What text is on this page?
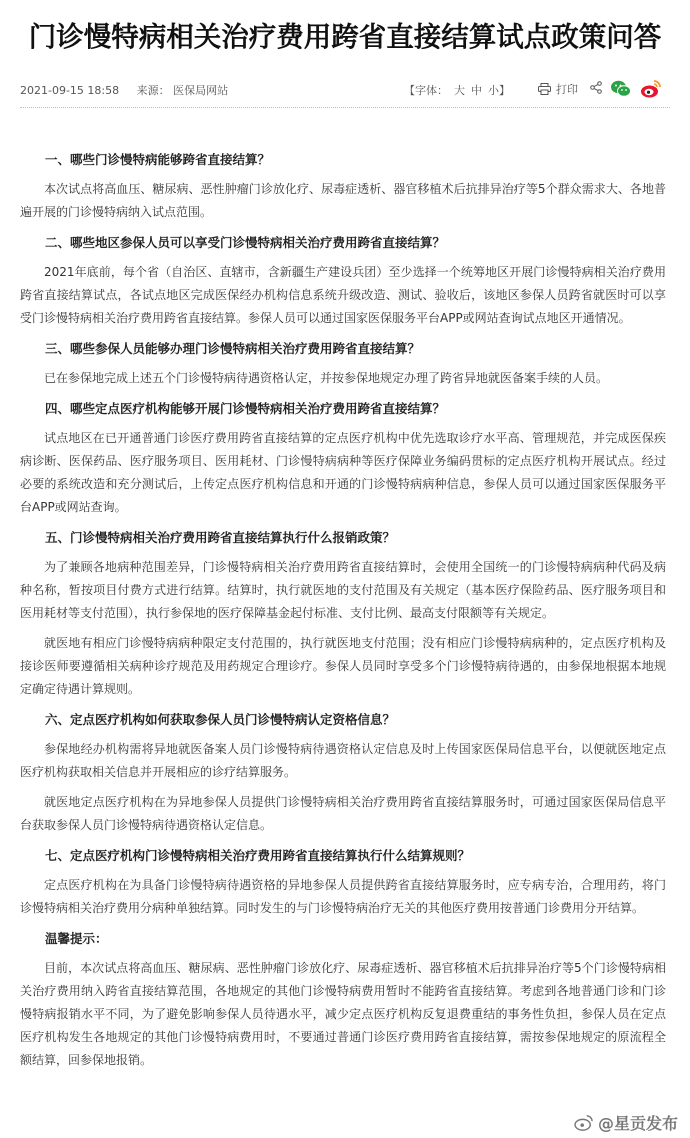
门诊慢特病相关治疗费用跨省直接结算试点政策问答
2021-09-15 18:58 来源： 医保局网站	【字体： 大 中 小】	打印
一、哪些门诊慢特病能够跨省直接结算？

本次试点将高血压、糖尿病、恶性肿瘤门诊放化疗、尿毒症透析、器官移植术后抗排异治疗等5个群众需求大、各地普遍开展的门诊慢特病纳入试点范围。

二、哪些地区参保人员可以享受门诊慢特病相关治疗费用跨省直接结算？

2021年底前，每个省（自治区、直辖市，含新疆生产建设兵团）至少选择一个统筹地区开展门诊慢特病相关治疗费用跨省直接结算试点，各试点地区完成医保经办机构信息系统升级改造、测试、验收后，该地区参保人员跨省就医时可以享受门诊慢特病相关治疗费用跨省直接结算。参保人员可以通过国家医保服务平台APP或网站查询试点地区开通情况。

三、哪些参保人员能够办理门诊慢特病相关治疗费用跨省直接结算？

已在参保地完成上述五个门诊慢特病待遇资格认定，并按参保地规定办理了跨省异地就医备案手续的人员。

四、哪些定点医疗机构能够开展门诊慢特病相关治疗费用跨省直接结算？

试点地区在已开通普通门诊医疗费用跨省直接结算的定点医疗机构中优先选取诊疗水平高、管理规范，并完成医保疾病诊断、医保药品、医疗服务项目、医用耗材、门诊慢特病病种等医疗保障业务编码贯标的定点医疗机构开展试点。经过必要的系统改造和充分测试后，上传定点医疗机构信息和开通的门诊慢特病病种信息，参保人员可以通过国家医保服务平台APP或网站查询。

五、门诊慢特病相关治疗费用跨省直接结算执行什么报销政策？

为了兼顾各地病种范围差异，门诊慢特病相关治疗费用跨省直接结算时，会使用全国统一的门诊慢特病病种代码及病种名称，暂按项目付费方式进行结算。结算时，执行就医地的支付范围及有关规定（基本医疗保险药品、医疗服务项目和医用耗材等支付范围），执行参保地的医疗保障基金起付标准、支付比例、最高支付限额等有关规定。

就医地有相应门诊慢特病病种限定支付范围的，执行就医地支付范围；没有相应门诊慢特病病种的，定点医疗机构及接诊医师要遵循相关病种诊疗规范及用药规定合理诊疗。参保人员同时享受多个门诊慢特病待遇的，由参保地根据本地规定确定待遇计算规则。

六、定点医疗机构如何获取参保人员门诊慢特病认定资格信息？

参保地经办机构需将异地就医备案人员门诊慢特病待遇资格认定信息及时上传国家医保局信息平台，以便就医地定点医疗机构获取相关信息并开展相应的诊疗结算服务。

就医地定点医疗机构在为异地参保人员提供门诊慢特病相关治疗费用跨省直接结算服务时，可通过国家医保局信息平台获取参保人员门诊慢特病待遇资格认定信息。

七、定点医疗机构门诊慢特病相关治疗费用跨省直接结算执行什么结算规则？

定点医疗机构在为具备门诊慢特病待遇资格的异地参保人员提供跨省直接结算服务时，应专病专治，合理用药，将门诊慢特病相关治疗费用分病种单独结算。同时发生的与门诊慢特病治疗无关的其他医疗费用按普通门诊费用分开结算。

温馨提示：

目前，本次试点将高血压、糖尿病、恶性肿瘤门诊放化疗、尿毒症透析、器官移植术后抗排异治疗等5个门诊慢特病相关治疗费用纳入跨省直接结算范围，各地规定的其他门诊慢特病费用暂时不能跨省直接结算。考虑到各地普通门诊和门诊慢特病报销水平不同，为了避免影响参保人员待遇水平，减少定点医疗机构反复退费重结的事务性负担，参保人员在定点医疗机构发生各地规定的其他门诊慢特病费用时，不要通过普通门诊医疗费用跨省直接结算，需按参保地规定的原流程全额结算，回参保地报销。

@星贡发布
